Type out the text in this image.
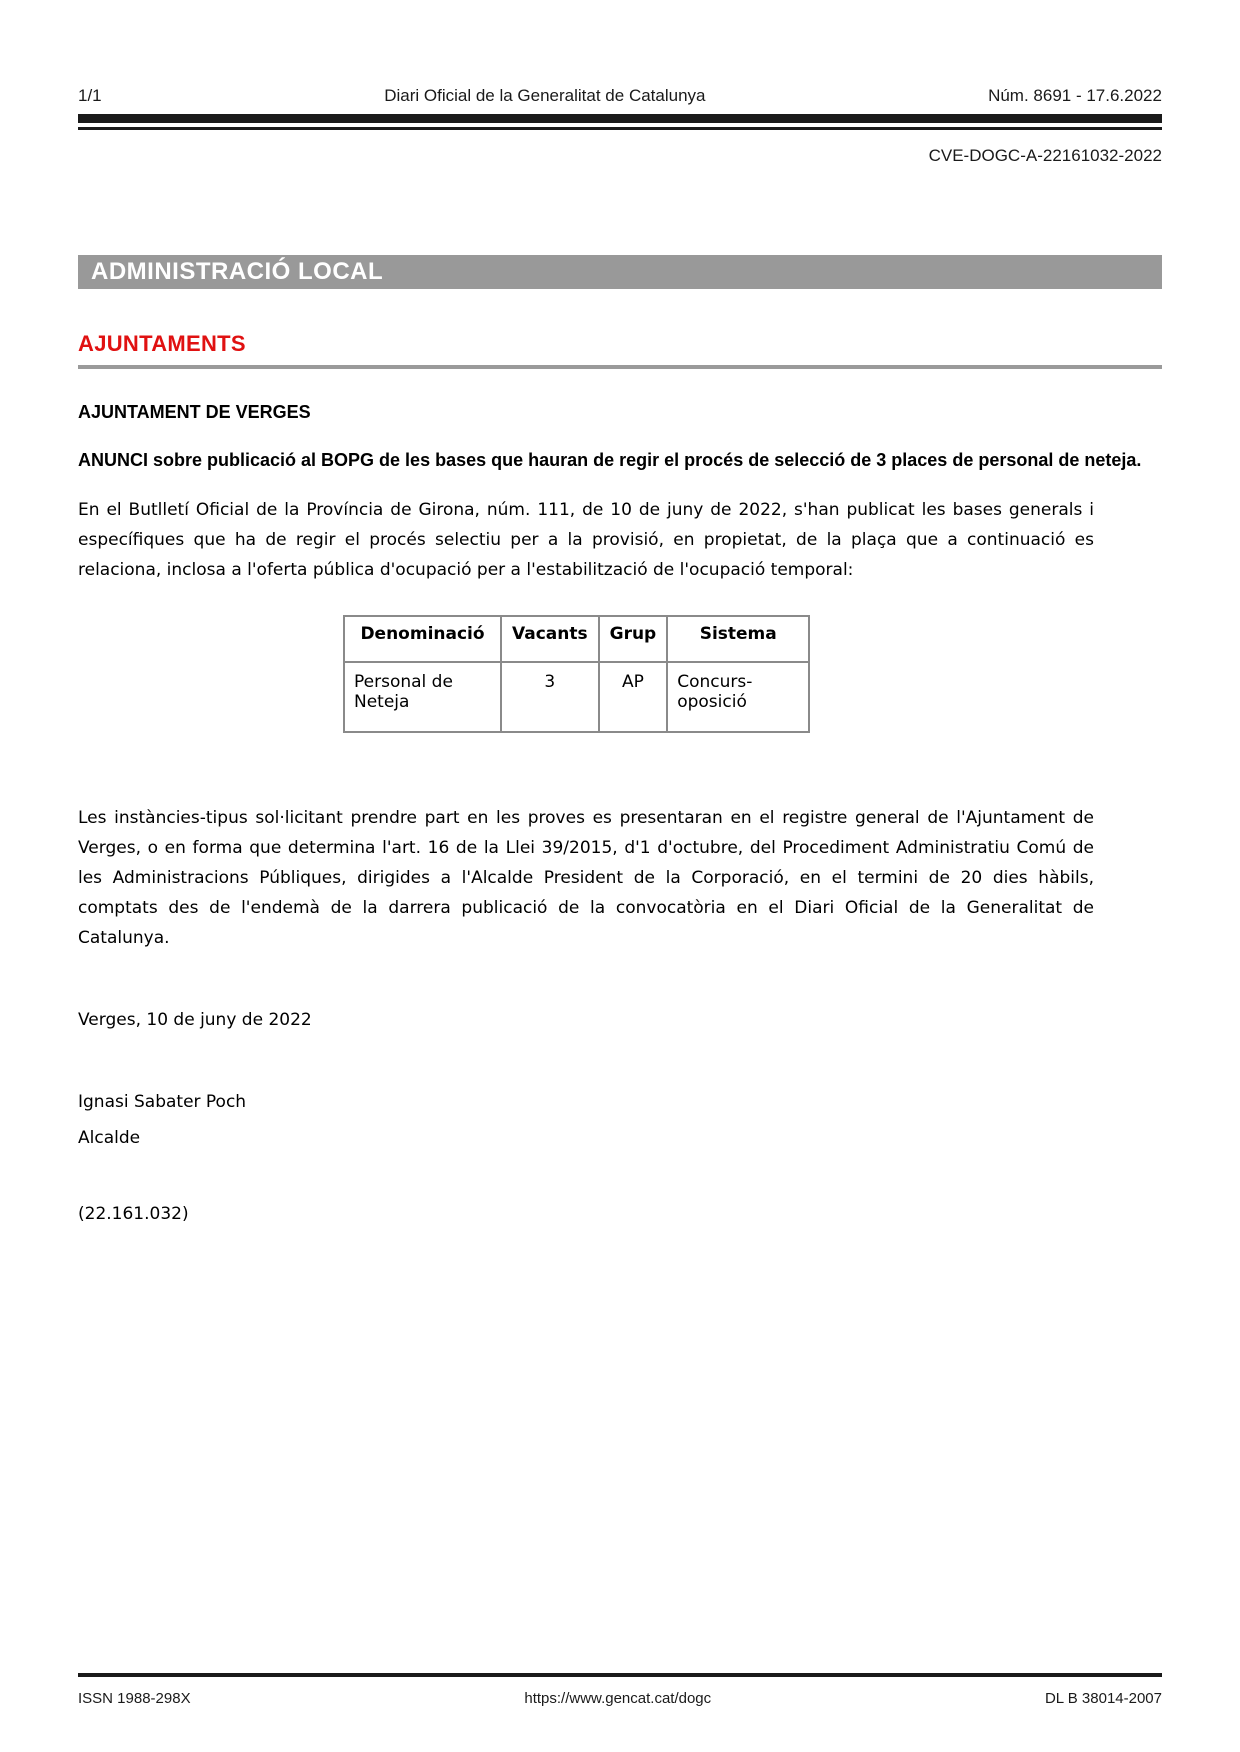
1/1	Diari Oficial de la Generalitat de Catalunya	Núm. 8691 - 17.6.2022
CVE-DOGC-A-22161032-2022
ADMINISTRACIÓ LOCAL
AJUNTAMENTS
AJUNTAMENT DE VERGES
ANUNCI sobre publicació al BOPG de les bases que hauran de regir el procés de selecció de 3 places de personal de neteja.
En el Butlletí Oficial de la Província de Girona, núm. 111, de 10 de juny de 2022, s'han publicat les bases generals i específiques que ha de regir el procés selectiu per a la provisió, en propietat, de la plaça que a continuació es relaciona, inclosa a l'oferta pública d'ocupació per a l'estabilització de l'ocupació temporal:
Denominació	Vacants	Grup	Sistema
Personal de Neteja	3	AP	Concurs-oposició
Les instàncies-tipus sol·licitant prendre part en les proves es presentaran en el registre general de l'Ajuntament de Verges, o en forma que determina l'art. 16 de la Llei 39/2015, d'1 d'octubre, del Procediment Administratiu Comú de les Administracions Públiques, dirigides a l'Alcalde President de la Corporació, en el termini de 20 dies hàbils, comptats des de l'endemà de la darrera publicació de la convocatòria en el Diari Oficial de la Generalitat de Catalunya.
Verges, 10 de juny de 2022
Ignasi Sabater Poch
Alcalde
(22.161.032)
ISSN 1988-298X	https://www.gencat.cat/dogc	DL B 38014-2007
